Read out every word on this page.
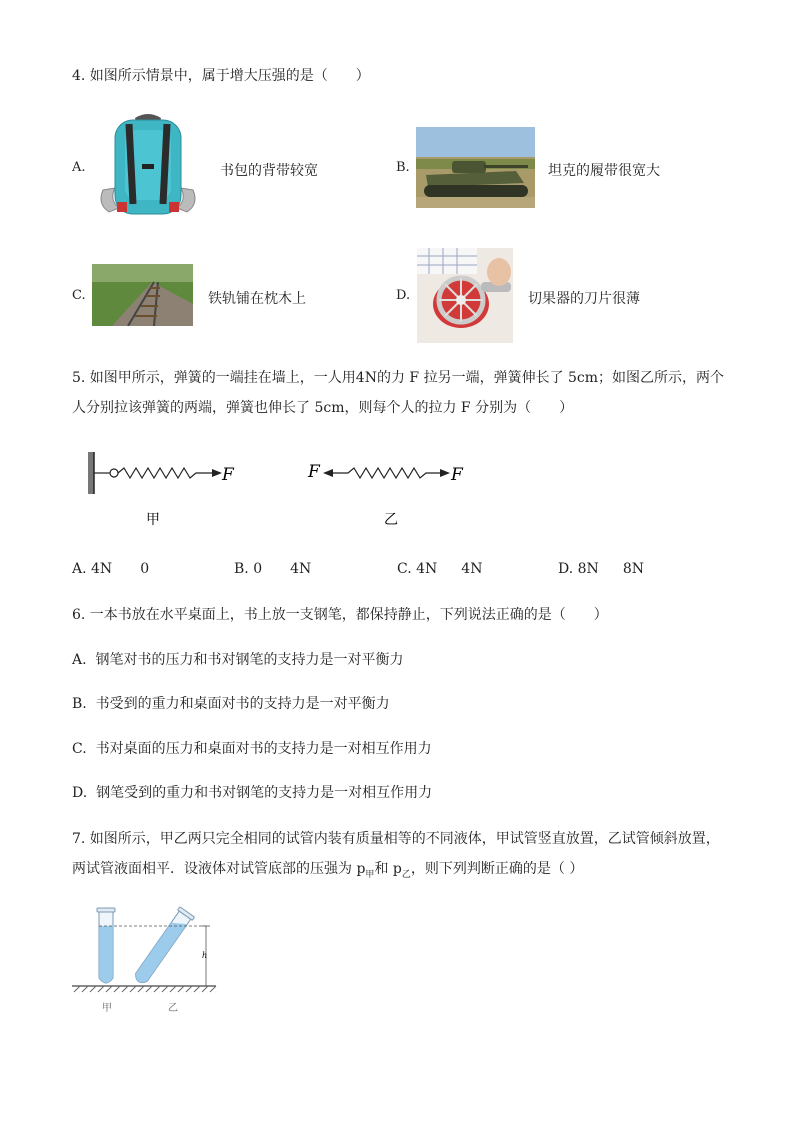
4. 如图所示情景中，属于增大压强的是（　　）
A.	书包的背带较宽	B.	坦克的履带很宽大
C.	铁轨铺在枕木上	D.	切果器的刀片很薄
5. 如图甲所示，弹簧的一端挂在墙上，一人用4N的力 F 拉另一端，弹簧伸长了 5cm；如图乙所示，两个
人分别拉该弹簧的两端，弹簧也伸长了 5cm，则每个人的拉力 F 分别为（　　）
F
甲
F	F
乙
A. 4N 0	B. 0 4N	C. 4N 4N	D. 8N 8N
6. 一本书放在水平桌面上，书上放一支钢笔，都保持静止，下列说法正确的是（　　）
A. 钢笔对书的压力和书对钢笔的支持力是一对平衡力
B. 书受到的重力和桌面对书的支持力是一对平衡力
C. 书对桌面的压力和桌面对书的支持力是一对相互作用力
D. 钢笔受到的重力和书对钢笔的支持力是一对相互作用力
7. 如图所示，甲乙两只完全相同的试管内装有质量相等的不同液体，甲试管竖直放置，乙试管倾斜放置，
两试管液面相平．设液体对试管底部的压强为 $p_甲$和 $p_乙$，则下列判断正确的是（ ）
h
甲	乙
